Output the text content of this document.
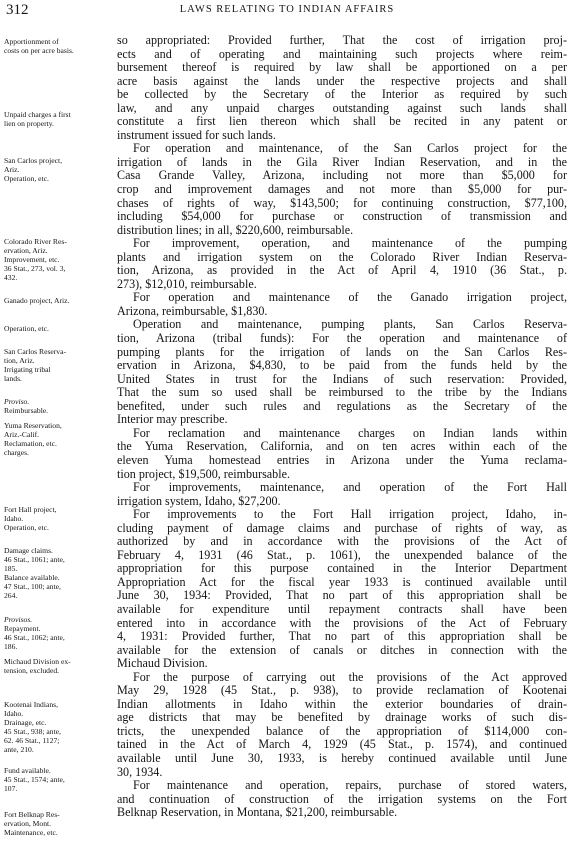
312	LAWS RELATING TO INDIAN AFFAIRS
Apportionment of
costs on per acre basis.
Unpaid charges a first
lien on property.
San Carlos project,
Ariz.
Operation, etc.
Colorado River Res-
ervation, Ariz.
Improvement, etc.
36 Stat., 273, vol. 3,
432.
Ganado project, Ariz.
Operation, etc.
San Carlos Reserva-
tion, Ariz.
Irrigating tribal
lands.
Proviso.
Reimbursable.
Yuma Reservation,
Ariz.-Calif.
Reclamation, etc.
charges.
Fort Hall project,
Idaho.
Operation, etc.
Damage claims.
46 Stat., 1061; ante,
185.
Balance available.
47 Stat., 100; ante,
264.
Provisos.
Repayment.
46 Stat., 1062; ante,
186.
Michaud Division ex-
tension, excluded.
Kootenai Indians,
Idaho.
Drainage, etc.
45 Stat., 938; ante,
62. 46 Stat., 1127;
ante, 210.
Fund available.
45 Stat., 1574; ante,
107.
Fort Belknap Res-
ervation, Mont.
Maintenance, etc.
so appropriated: Provided further, That the cost of irrigation proj-
ects and of operating and maintaining such projects where reim-
bursement thereof is required by law shall be apportioned on a per
acre basis against the lands under the respective projects and shall
be collected by the Secretary of the Interior as required by such
law, and any unpaid charges outstanding against such lands shall
constitute a first lien thereon which shall be recited in any patent or
instrument issued for such lands.
For operation and maintenance, of the San Carlos project for the
irrigation of lands in the Gila River Indian Reservation, and in the
Casa Grande Valley, Arizona, including not more than $5,000 for
crop and improvement damages and not more than $5,000 for pur-
chases of rights of way, $143,500; for continuing construction, $77,100,
including $54,000 for purchase or construction of transmission and
distribution lines; in all, $220,600, reimbursable.
For improvement, operation, and maintenance of the pumping
plants and irrigation system on the Colorado River Indian Reserva-
tion, Arizona, as provided in the Act of April 4, 1910 (36 Stat., p.
273), $12,010, reimbursable.
For operation and maintenance of the Ganado irrigation project,
Arizona, reimbursable, $1,830.
Operation and maintenance, pumping plants, San Carlos Reserva-
tion, Arizona (tribal funds): For the operation and maintenance of
pumping plants for the irrigation of lands on the San Carlos Res-
ervation in Arizona, $4,830, to be paid from the funds held by the
United States in trust for the Indians of such reservation: Provided,
That the sum so used shall be reimbursed to the tribe by the Indians
benefited, under such rules and regulations as the Secretary of the
Interior may prescribe.
For reclamation and maintenance charges on Indian lands within
the Yuma Reservation, California, and on ten acres within each of the
eleven Yuma homestead entries in Arizona under the Yuma reclama-
tion project, $19,500, reimbursable.
For improvements, maintenance, and operation of the Fort Hall
irrigation system, Idaho, $27,200.
For improvements to the Fort Hall irrigation project, Idaho, in-
cluding payment of damage claims and purchase of rights of way, as
authorized by and in accordance with the provisions of the Act of
February 4, 1931 (46 Stat., p. 1061), the unexpended balance of the
appropriation for this purpose contained in the Interior Department
Appropriation Act for the fiscal year 1933 is continued available until
June 30, 1934: Provided, That no part of this appropriation shall be
available for expenditure until repayment contracts shall have been
entered into in accordance with the provisions of the Act of February
4, 1931: Provided further, That no part of this appropriation shall be
available for the extension of canals or ditches in connection with the
Michaud Division.
For the purpose of carrying out the provisions of the Act approved
May 29, 1928 (45 Stat., p. 938), to provide reclamation of Kootenai
Indian allotments in Idaho within the exterior boundaries of drain-
age districts that may be benefited by drainage works of such dis-
tricts, the unexpended balance of the appropriation of $114,000 con-
tained in the Act of March 4, 1929 (45 Stat., p. 1574), and continued
available until June 30, 1933, is hereby continued available until June
30, 1934.
For maintenance and operation, repairs, purchase of stored waters,
and continuation of construction of the irrigation systems on the Fort
Belknap Reservation, in Montana, $21,200, reimbursable.
